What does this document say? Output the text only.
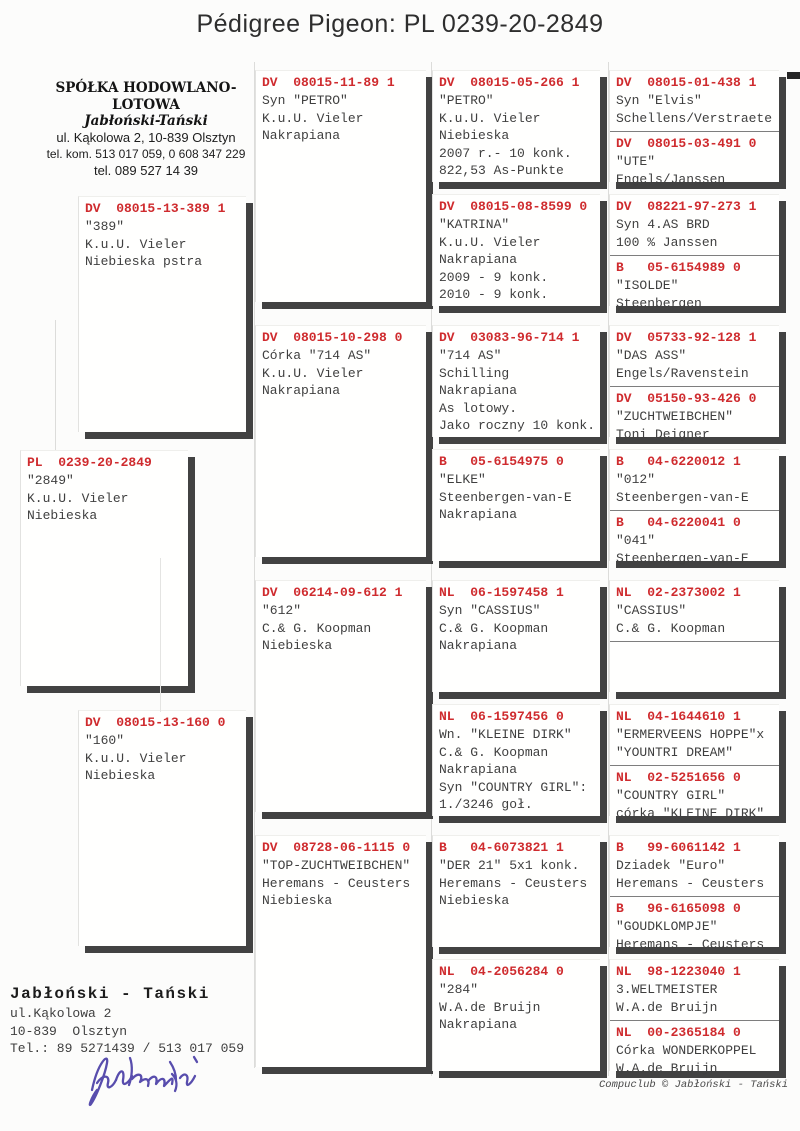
Pédigree Pigeon: PL 0239-20-2849
SPÓŁKA HODOWLANO-LOTOWA
Jabłoński-Tański
ul. Kąkolowa 2, 10-839 Olsztyn
tel. kom. 513 017 059, 0 608 347 229
tel. 089 527 14 39
PL  0239-20-2849
"2849"
K.u.U. Vieler
Niebieska
DV  08015-13-389 1
"389"
K.u.U. Vieler
Niebieska pstra
DV  08015-13-160 0
"160"
K.u.U. Vieler
Niebieska
DV  08015-11-89 1
Syn "PETRO"
K.u.U. Vieler
Nakrapiana
DV  08015-10-298 0
Córka "714 AS"
K.u.U. Vieler
Nakrapiana
DV  06214-09-612 1
"612"
C.& G. Koopman
Niebieska
DV  08728-06-1115 0
"TOP-ZUCHTWEIBCHEN"
Heremans - Ceusters
Niebieska
DV  08015-05-266 1
"PETRO"
K.u.U. Vieler
Niebieska
2007 r.- 10 konk.
822,53 As-Punkte
DV  08015-08-8599 0
"KATRINA"
K.u.U. Vieler
Nakrapiana
2009 - 9 konk.
2010 - 9 konk.
DV  03083-96-714 1
"714 AS"
Schilling
Nakrapiana
As lotowy.
Jako roczny 10 konk.
B   05-6154975 0
"ELKE"
Steenbergen-van-E
Nakrapiana
NL  06-1597458 1
Syn "CASSIUS"
C.& G. Koopman
Nakrapiana
NL  06-1597456 0
Wn. "KLEINE DIRK"
C.& G. Koopman
Nakrapiana
Syn "COUNTRY GIRL":
1./3246 goł.
B   04-6073821 1
"DER 21" 5x1 konk.
Heremans - Ceusters
Niebieska
NL  04-2056284 0
"284"
W.A.de Bruijn
Nakrapiana
DV  08015-01-438 1
Syn "Elvis"
Schellens/Verstraete
DV  08015-03-491 0
"UTE"
Engels/Janssen
DV  08221-97-273 1
Syn 4.AS BRD
100 % Janssen
B   05-6154989 0
"ISOLDE"
Steenbergen
DV  05733-92-128 1
"DAS ASS"
Engels/Ravenstein
DV  05150-93-426 0
"ZUCHTWEIBCHEN"
Toni Deigner
B   04-6220012 1
"012"
Steenbergen-van-E
B   04-6220041 0
"041"
Steenbergen-van-E
NL  02-2373002 1
"CASSIUS"
C.& G. Koopman
NL  04-1644610 1
"ERMERVEENS HOPPE"x
"YOUNTRI DREAM"
NL  02-5251656 0
"COUNTRY GIRL"
córka "KLEINE DIRK"
B   99-6061142 1
Dziadek "Euro"
Heremans - Ceusters
B   96-6165098 0
"GOUDKLOMPJE"
Heremans - Ceusters
NL  98-1223040 1
3.WELTMEISTER
W.A.de Bruijn
NL  00-2365184 0
Córka WONDERKOPPEL
W.A.de Bruijn
Jabłoński - Tański
ul.Kąkolowa 2
10-839  Olsztyn
Tel.: 89 5271439 / 513 017 059
Compuclub © Jabłoński - Tański
